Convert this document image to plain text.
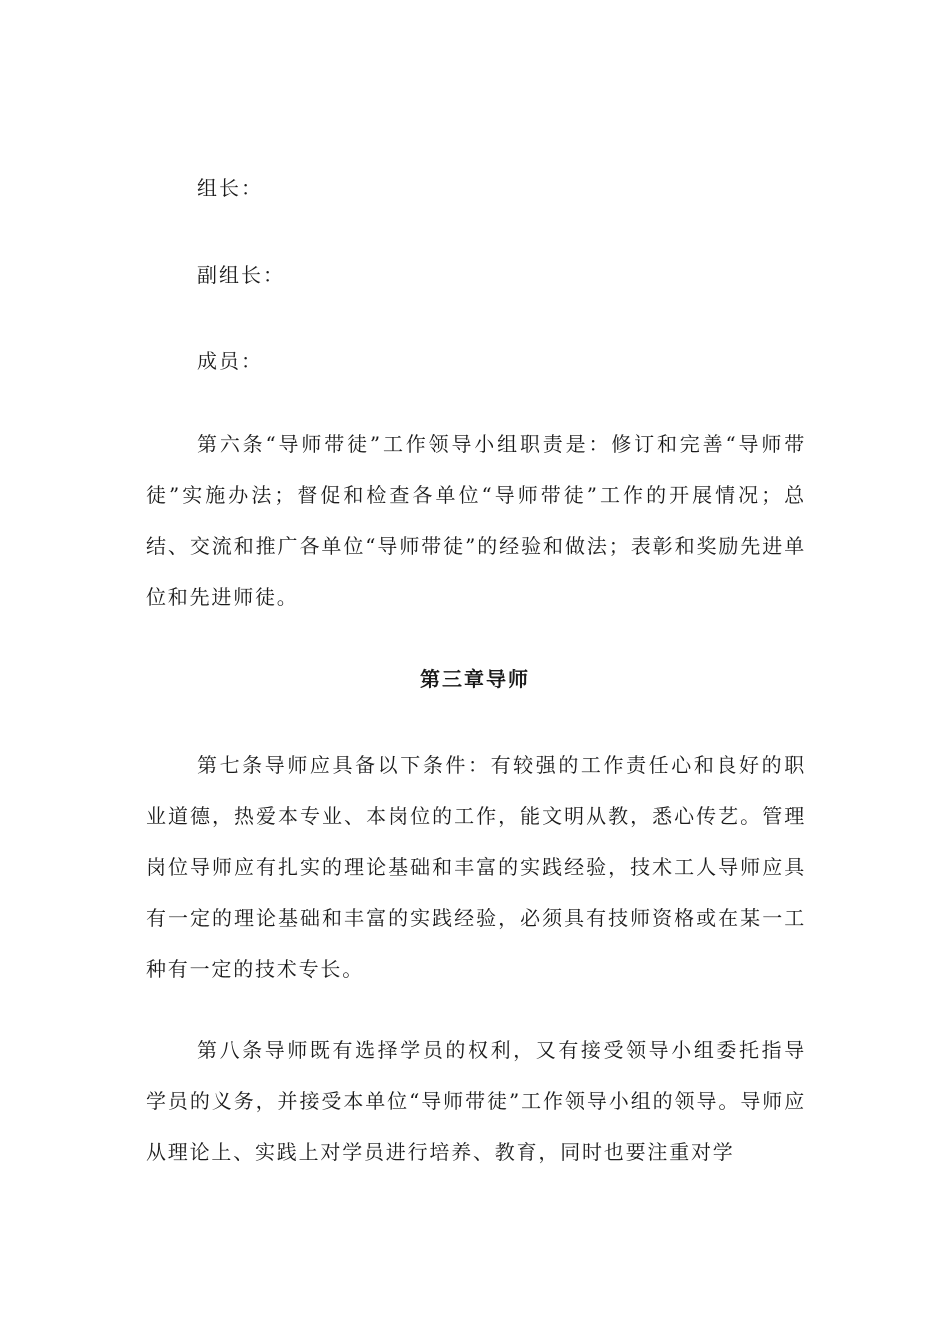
组长：
副组长：
成员：

第六条“导师带徒”工作领导小组职责是：修订和完善“导师带徒”实施办法；督促和检查各单位“导师带徒”工作的开展情况；总结、交流和推广各单位“导师带徒”的经验和做法；表彰和奖励先进单位和先进师徒。

第三章导师

第七条导师应具备以下条件：有较强的工作责任心和良好的职业道德，热爱本专业、本岗位的工作，能文明从教，悉心传艺。管理岗位导师应有扎实的理论基础和丰富的实践经验，技术工人导师应具有一定的理论基础和丰富的实践经验，必须具有技师资格或在某一工种有一定的技术专长。

第八条导师既有选择学员的权利，又有接受领导小组委托指导学员的义务，并接受本单位“导师带徒”工作领导小组的领导。导师应从理论上、实践上对学员进行培养、教育，同时也要注重对学
